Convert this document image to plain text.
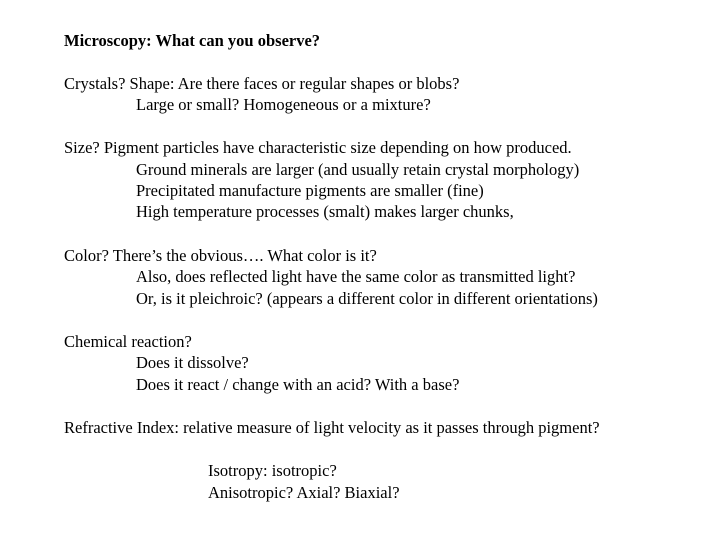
Microscopy: What can you observe?
Crystals? Shape: Are there faces or regular shapes or blobs?
Large or small? Homogeneous or a mixture?
Size? Pigment particles have characteristic size depending on how produced.
Ground minerals are larger (and usually retain crystal morphology)
Precipitated manufacture pigments are smaller (fine)
High temperature processes (smalt) makes larger chunks,
Color? There’s the obvious…. What color is it?
Also, does reflected light have the same color as transmitted light?
Or, is it pleichroic? (appears a different color in different orientations)
Chemical reaction?
Does it dissolve?
Does it react / change with an acid? With a base?
Refractive Index: relative measure of light velocity as it passes through pigment?
Isotropy: isotropic?
Anisotropic? Axial? Biaxial?
